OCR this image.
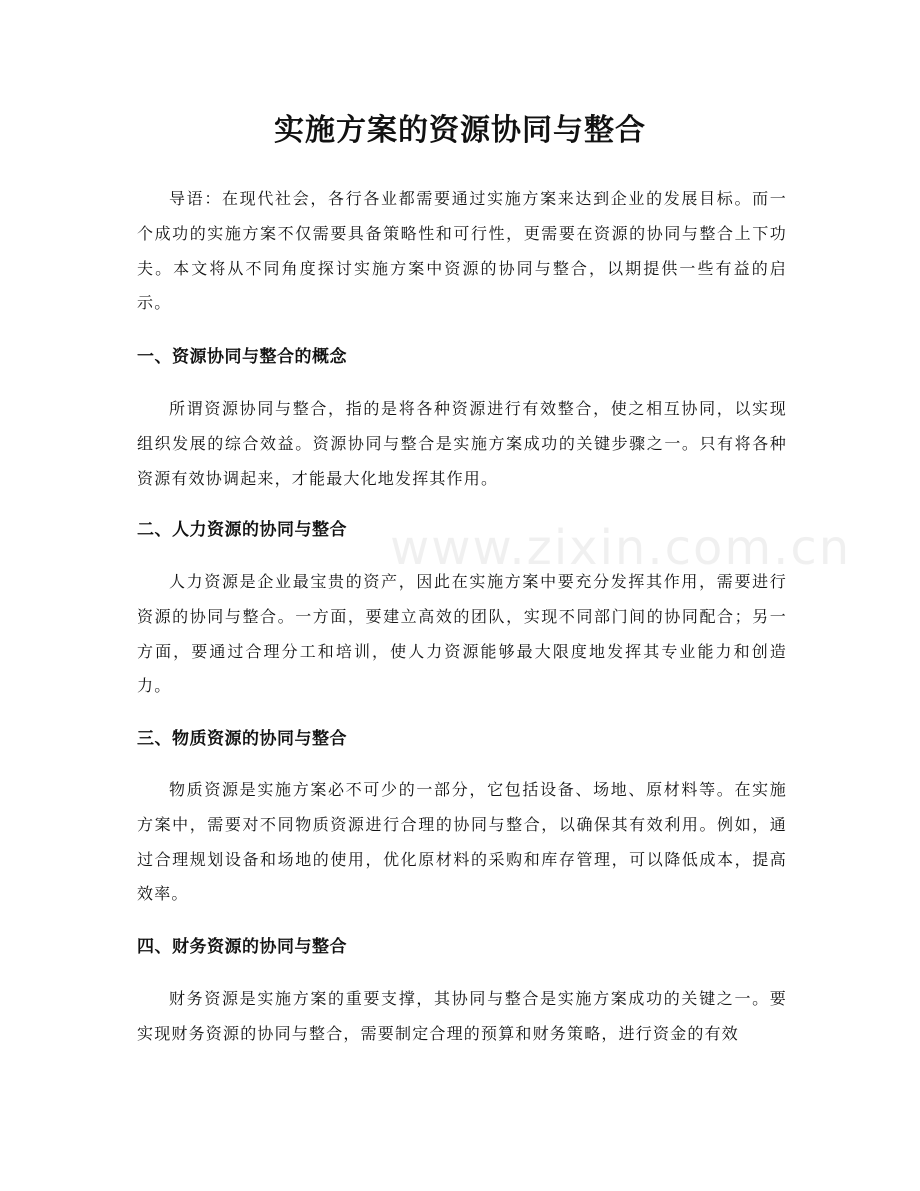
www.zixin.com.cn
实施方案的资源协同与整合

导语：在现代社会，各行各业都需要通过实施方案来达到企业的发展目标。而一个成功的实施方案不仅需要具备策略性和可行性，更需要在资源的协同与整合上下功夫。本文将从不同角度探讨实施方案中资源的协同与整合，以期提供一些有益的启示。

一、资源协同与整合的概念

所谓资源协同与整合，指的是将各种资源进行有效整合，使之相互协同，以实现组织发展的综合效益。资源协同与整合是实施方案成功的关键步骤之一。只有将各种资源有效协调起来，才能最大化地发挥其作用。

二、人力资源的协同与整合

人力资源是企业最宝贵的资产，因此在实施方案中要充分发挥其作用，需要进行资源的协同与整合。一方面，要建立高效的团队，实现不同部门间的协同配合；另一方面，要通过合理分工和培训，使人力资源能够最大限度地发挥其专业能力和创造力。

三、物质资源的协同与整合

物质资源是实施方案必不可少的一部分，它包括设备、场地、原材料等。在实施方案中，需要对不同物质资源进行合理的协同与整合，以确保其有效利用。例如，通过合理规划设备和场地的使用，优化原材料的采购和库存管理，可以降低成本，提高效率。

四、财务资源的协同与整合

财务资源是实施方案的重要支撑，其协同与整合是实施方案成功的关键之一。要实现财务资源的协同与整合，需要制定合理的预算和财务策略，进行资金的有效
